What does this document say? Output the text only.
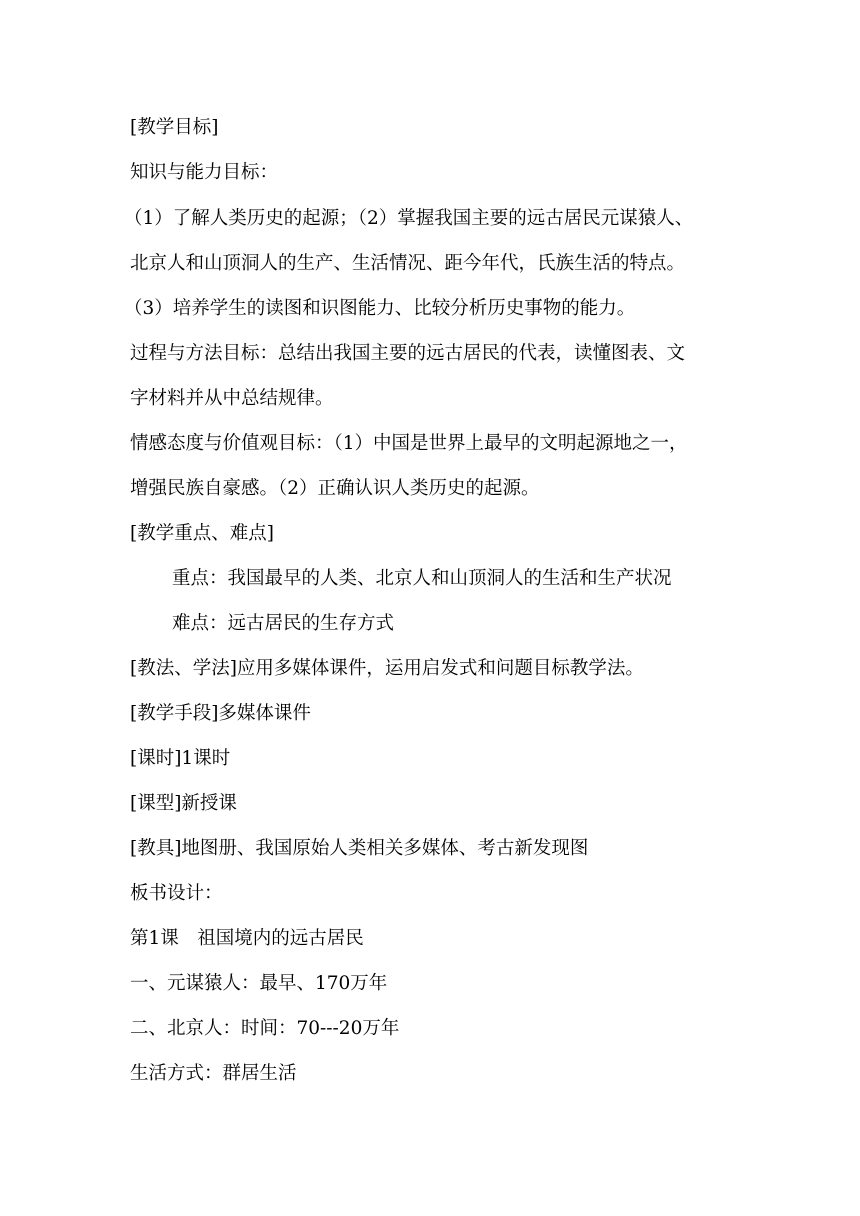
[教学目标]

知识与能力目标：

（1）了解人类历史的起源；（2）掌握我国主要的远古居民元谋猿人、

北京人和山顶洞人的生产、生活情况、距今年代，氏族生活的特点。

（3）培养学生的读图和识图能力、比较分析历史事物的能力。

过程与方法目标：总结出我国主要的远古居民的代表，读懂图表、文

字材料并从中总结规律。

情感态度与价值观目标：（1）中国是世界上最早的文明起源地之一，

增强民族自豪感。（2）正确认识人类历史的起源。

[教学重点、难点]

重点：我国最早的人类、北京人和山顶洞人的生活和生产状况

难点：远古居民的生存方式

[教法、学法]应用多媒体课件，运用启发式和问题目标教学法。

[教学手段]多媒体课件

[课时]1课时

[课型]新授课

[教具]地图册、我国原始人类相关多媒体、考古新发现图

板书设计：

第1课　祖国境内的远古居民

一、元谋猿人：最早、170万年

二、北京人：时间：70---20万年

生活方式：群居生活
